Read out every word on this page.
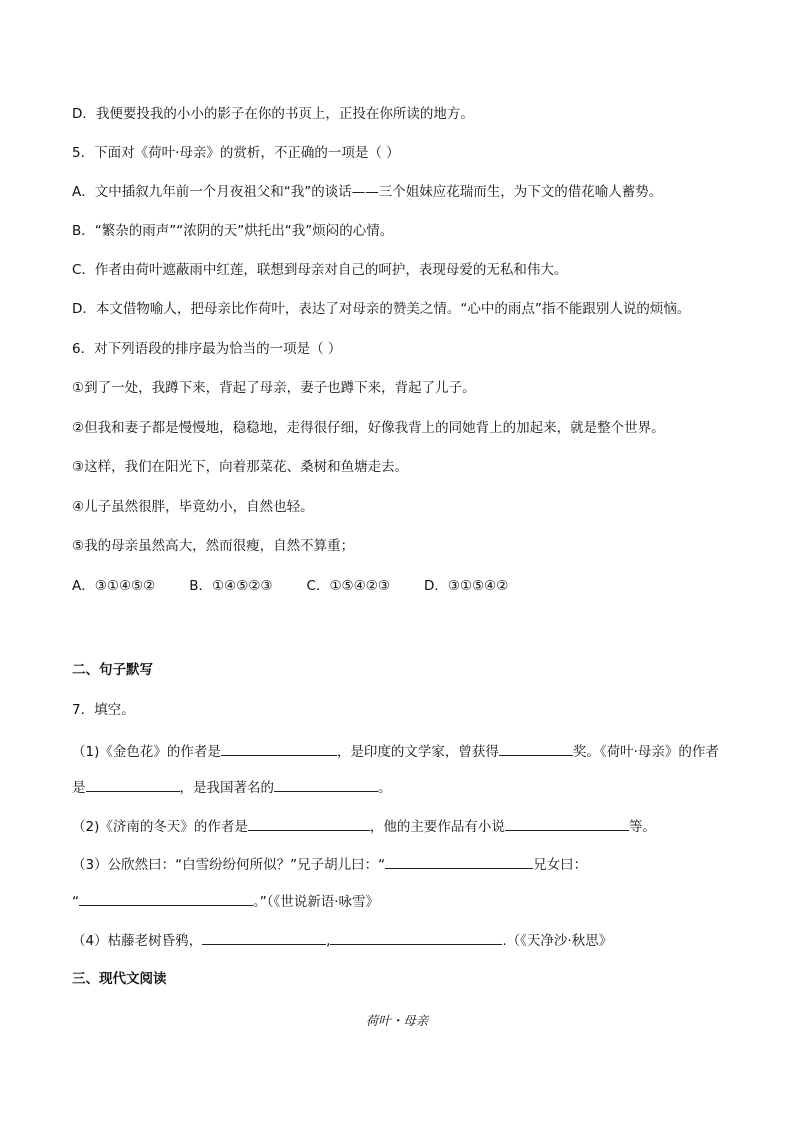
D．我便要投我的小小的影子在你的书页上，正投在你所读的地方。
5．下面对《荷叶·母亲》的赏析，不正确的一项是（ ）
A．文中插叙九年前一个月夜祖父和“我”的谈话——三个姐妹应花瑞而生，为下文的借花喻人蓄势。
B．“繁杂的雨声”“浓阴的天”烘托出“我”烦闷的心情。
C．作者由荷叶遮蔽雨中红莲，联想到母亲对自己的呵护，表现母爱的无私和伟大。
D．本文借物喻人，把母亲比作荷叶，表达了对母亲的赞美之情。“心中的雨点”指不能跟别人说的烦恼。
6．对下列语段的排序最为恰当的一项是（ ）
①到了一处，我蹲下来，背起了母亲，妻子也蹲下来，背起了儿子。
②但我和妻子都是慢慢地，稳稳地，走得很仔细，好像我背上的同她背上的加起来，就是整个世界。
③这样，我们在阳光下，向着那菜花、桑树和鱼塘走去。
④儿子虽然很胖，毕竟幼小，自然也轻。
⑤我的母亲虽然高大，然而很瘦，自然不算重；
A．③①④⑤②	B．①④⑤②③	C．①⑤④②③	D．③①⑤④②
二、句子默写
7．填空。
（1)《金色花》的作者是	，是印度的文学家，曾获得	奖。《荷叶·母亲》的作者
是	，是我国著名的	。
（2)《济南的冬天》的作者是	，他的主要作品有小说	等。
（3）公欣然曰：“白雪纷纷何所似？”兄子胡儿曰：“	兄女曰：
“	。”（《世说新语·咏雪》
（4）枯藤老树昏鸦，	,	.（《天净沙·秋思》
三、现代文阅读
荷叶・母亲
